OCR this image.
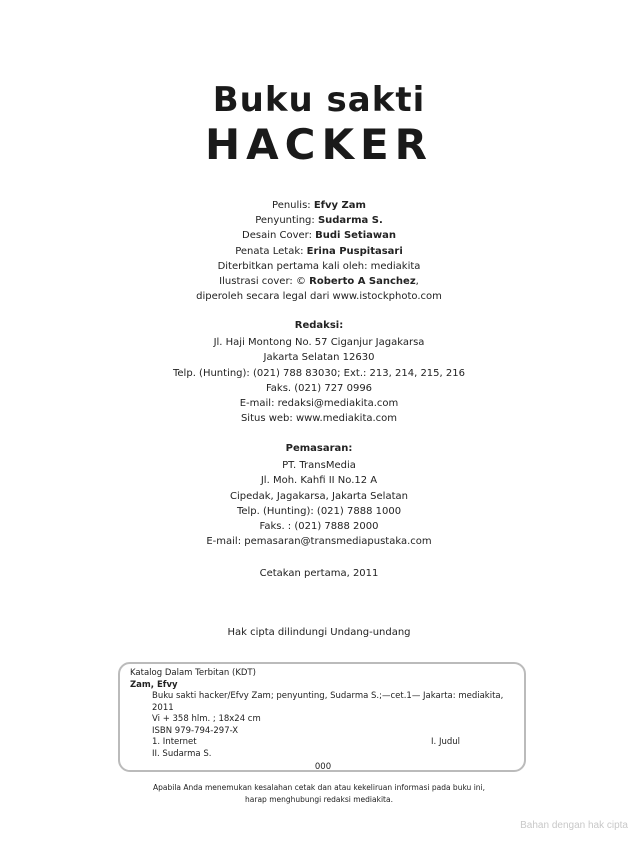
Buku sakti
HACKER
Penulis: Efvy Zam
Penyunting: Sudarma S.
Desain Cover: Budi Setiawan
Penata Letak: Erina Puspitasari
Diterbitkan pertama kali oleh: mediakita
Ilustrasi cover: © Roberto A Sanchez,
diperoleh secara legal dari www.istockphoto.com
Redaksi:
Jl. Haji Montong No. 57 Ciganjur Jagakarsa
Jakarta Selatan 12630
Telp. (Hunting): (021) 788 83030; Ext.: 213, 214, 215, 216
Faks. (021) 727 0996
E-mail: redaksi@mediakita.com
Situs web: www.mediakita.com
Pemasaran:
PT. TransMedia
Jl. Moh. Kahfi II No.12 A
Cipedak, Jagakarsa, Jakarta Selatan
Telp. (Hunting): (021) 7888 1000
Faks. : (021) 7888 2000
E-mail: pemasaran@transmediapustaka.com
Cetakan pertama, 2011
Hak cipta dilindungi Undang-undang
Katalog Dalam Terbitan (KDT)
Zam, Efvy
Buku sakti hacker/Efvy Zam; penyunting, Sudarma S.;—cet.1— Jakarta: mediakita, 2011
Vi + 358 hlm. ; 18x24 cm
ISBN 979-794-297-X
1. Internet	I. Judul
II. Sudarma S.
000
Apabila Anda menemukan kesalahan cetak dan atau kekeliruan informasi pada buku ini,
harap menghubungi redaksi mediakita.
Bahan dengan hak cipta
